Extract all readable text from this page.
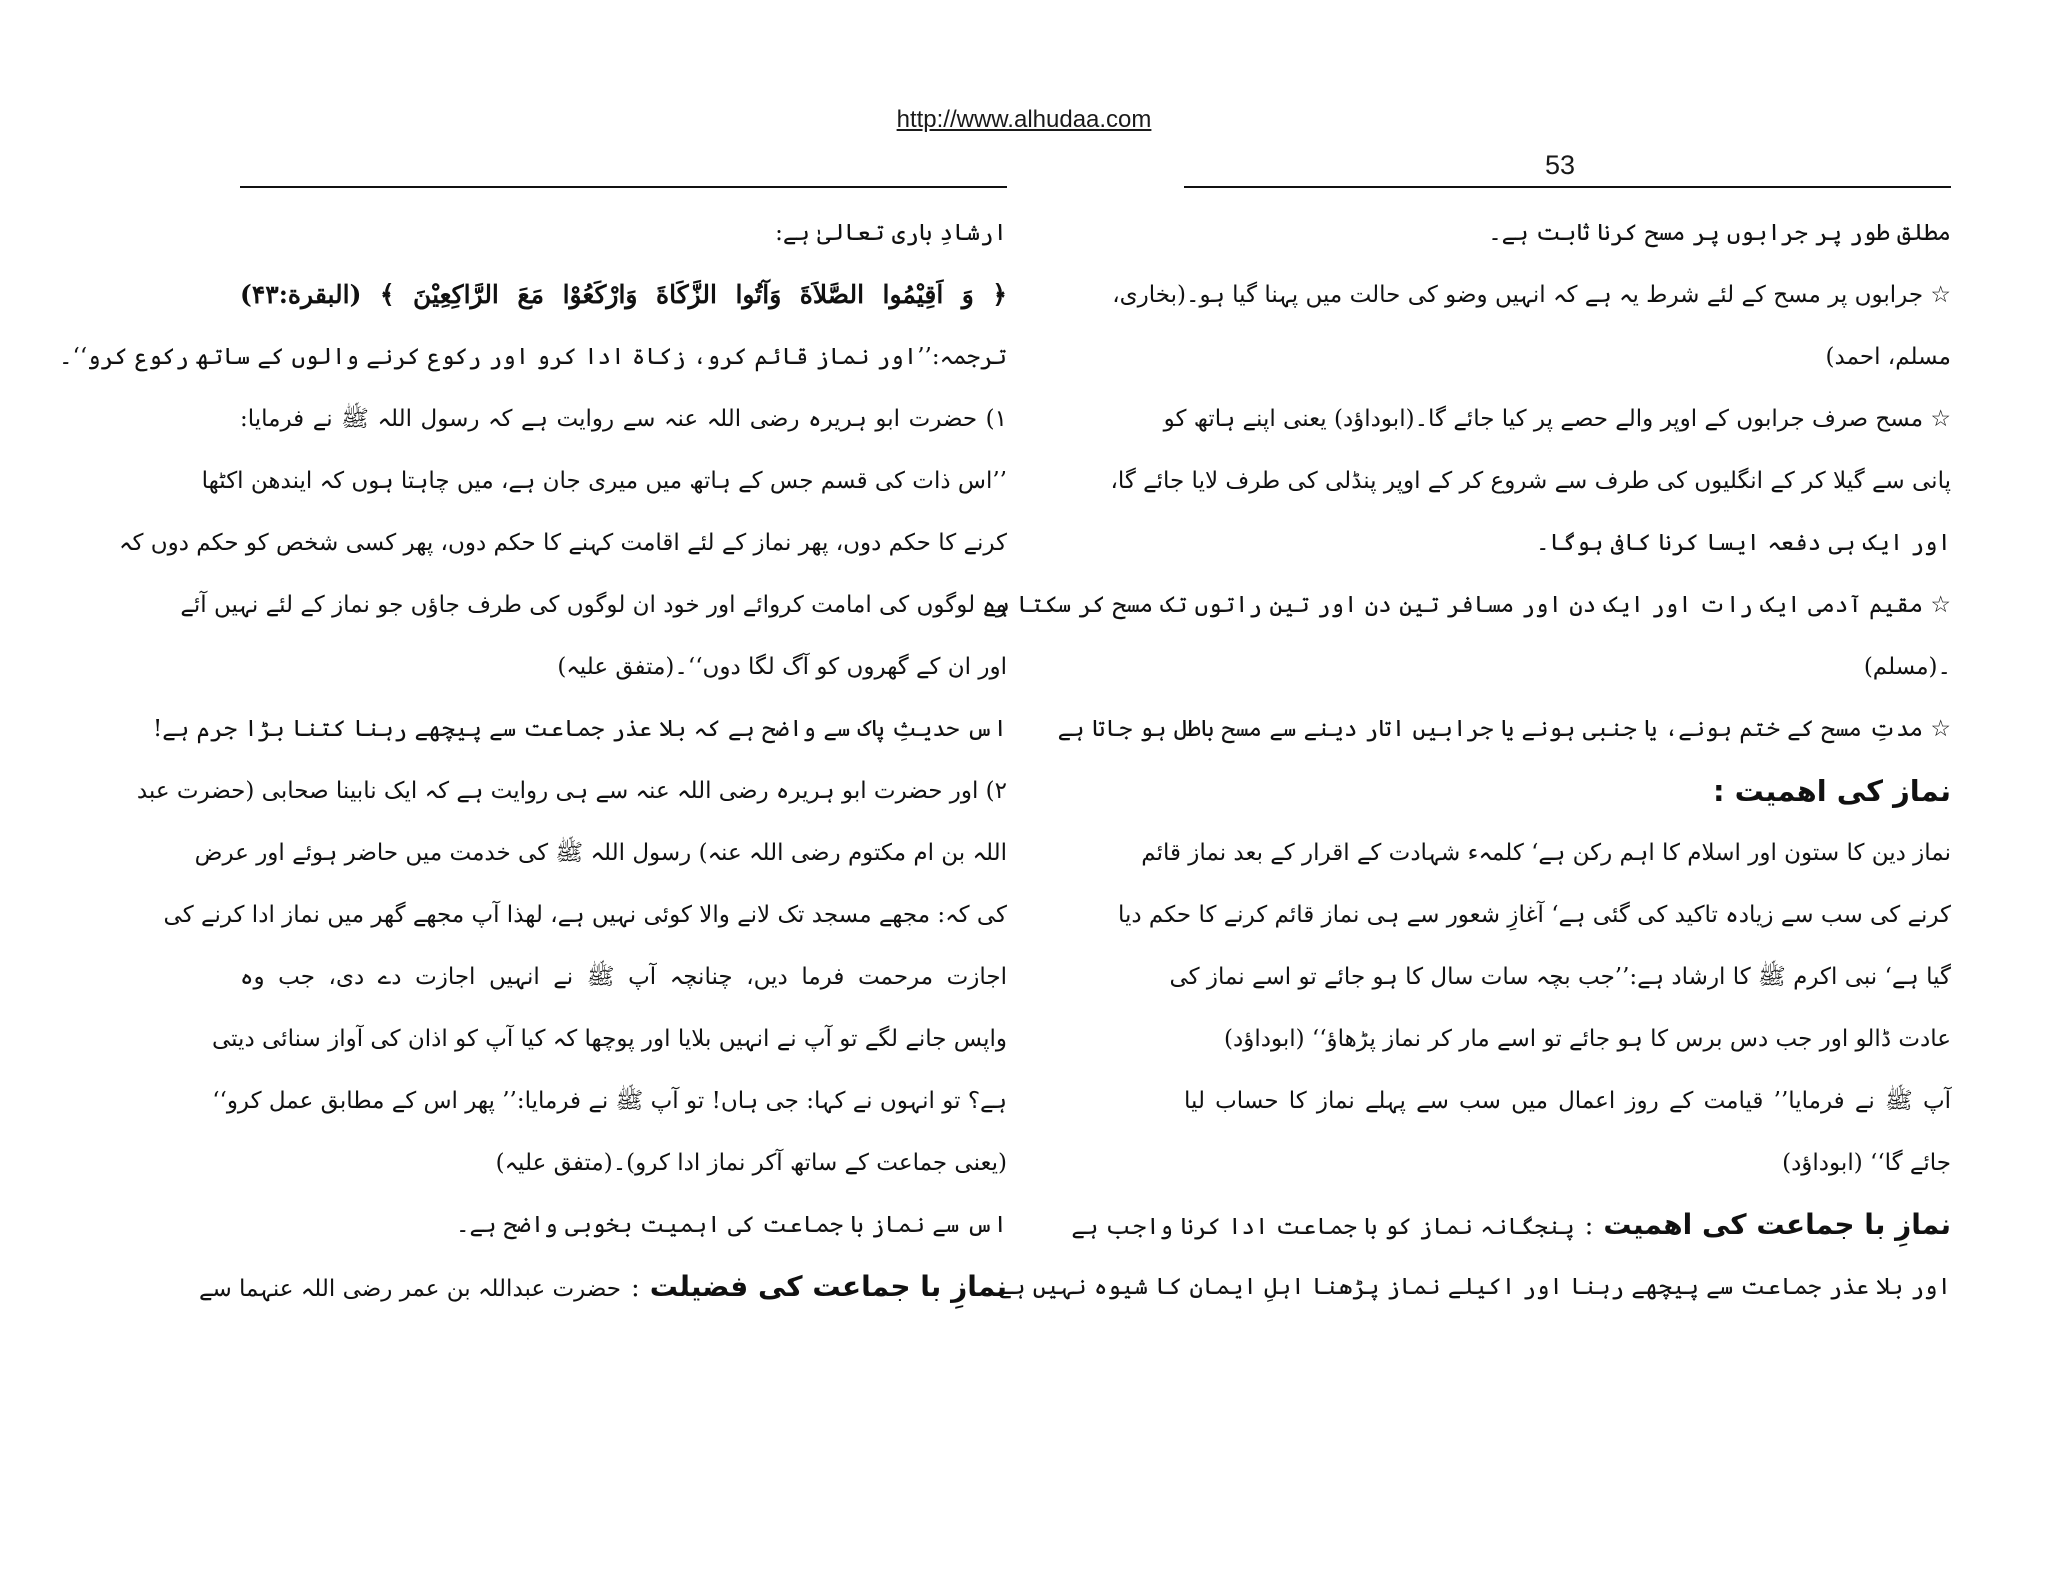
http://www.alhudaa.com
53
ارشادِ باری تعالیٰ ہے:
﴿ وَ اَقِیْمُوا الصَّلاَةَ وَآتُوا الزَّكَاةَ وَارْكَعُوْا مَعَ الرَّاكِعِيْنَ ﴾ (البقرة:۴۳)
ترجمہ:’’اور نماز قائم کرو، زکاۃ ادا کرو اور رکوع کرنے والوں کے ساتھ رکوع کرو‘‘۔
۱) حضرت ابو ہریرہ رضی اللہ عنہ سے روایت ہے کہ رسول اللہ ﷺ نے فرمایا:
’’اس ذات کی قسم جس کے ہاتھ میں میری جان ہے، میں چاہتا ہوں کہ ایندھن اکٹھا
کرنے کا حکم دوں، پھر نماز کے لئے اقامت کہنے کا حکم دوں، پھر کسی شخص کو حکم دوں کہ
وہ لوگوں کی امامت کروائے اور خود ان لوگوں کی طرف جاؤں جو نماز کے لئے نہیں آئے
اور ان کے گھروں کو آگ لگا دوں‘‘۔(متفق علیہ)
اس حدیثِ پاک سے واضح ہے کہ بلا عذر جماعت سے پیچھے رہنا کتنا بڑا جرم ہے!
۲) اور حضرت ابو ہریرہ رضی اللہ عنہ سے ہی روایت ہے کہ ایک نابینا صحابی (حضرت عبد
اللہ بن ام مکتوم رضی اللہ عنہ) رسول اللہ ﷺ کی خدمت میں حاضر ہوئے اور عرض
کی کہ: مجھے مسجد تک لانے والا کوئی نہیں ہے، لھذا آپ مجھے گھر میں نماز ادا کرنے کی
اجازت مرحمت فرما دیں، چنانچہ آپ ﷺ نے انہیں اجازت دے دی، جب وہ
واپس جانے لگے تو آپ نے انہیں بلایا اور پوچھا کہ کیا آپ کو اذان کی آواز سنائی دیتی
ہے؟ تو انہوں نے کہا: جی ہاں! تو آپ ﷺ نے فرمایا:’’ پھر اس کے مطابق عمل کرو‘‘
(یعنی جماعت کے ساتھ آکر نماز ادا کرو)۔(متفق علیہ)
اس سے نماز با جماعت کی اہمیت بخوبی واضح ہے۔
نمازِ با جماعت کی فضیلت:حضرت عبداللہ بن عمر رضی اللہ عنہما سے
مطلق طور پر جرابوں پر مسح کرنا ثابت ہے۔
☆ جرابوں پر مسح کے لئے شرط یہ ہے کہ انہیں وضو کی حالت میں پہنا گیا ہو۔(بخاری،
مسلم، احمد)
☆ مسح صرف جرابوں کے اوپر والے حصے پر کیا جائے گا۔(ابوداؤد) یعنی اپنے ہاتھ کو
پانی سے گیلا کر کے انگلیوں کی طرف سے شروع کر کے اوپر پنڈلی کی طرف لایا جائے گا،
اور ایک ہی دفعہ ایسا کرنا کافی ہوگا۔
☆ مقیم آدمی ایک رات اور ایک دن اور مسافر تین دن اور تین راتوں تک مسح کر سکتا ہے
۔(مسلم)
☆ مدتِ مسح کے ختم ہونے، یا جنبی ہونے یا جرابیں اتار دینے سے مسح باطل ہو جاتا ہے
نماز کی اھمیت :
نماز دین کا ستون اور اسلام کا اہم رکن ہے‘ کلمہء شہادت کے اقرار کے بعد نماز قائم
کرنے کی سب سے زیادہ تاکید کی گئی ہے‘ آغازِ شعور سے ہی نماز قائم کرنے کا حکم دیا
گیا ہے‘ نبی اکرم ﷺ کا ارشاد ہے:’’جب بچہ سات سال کا ہو جائے تو اسے نماز کی
عادت ڈالو اور جب دس برس کا ہو جائے تو اسے مار کر نماز پڑھاؤ‘‘ (ابوداؤد)
آپ ﷺ نے فرمایا’’ قیامت کے روز اعمال میں سب سے پہلے نماز کا حساب لیا
جائے گا‘‘ (ابوداؤد)
نمازِ با جماعت کی اھمیت:پنجگانہ نماز کو با جماعت ادا کرنا واجب ہے
اور بلا عذر جماعت سے پیچھے رہنا اور اکیلے نماز پڑھنا اہلِ ایمان کا شیوہ نہیں ہے۔
